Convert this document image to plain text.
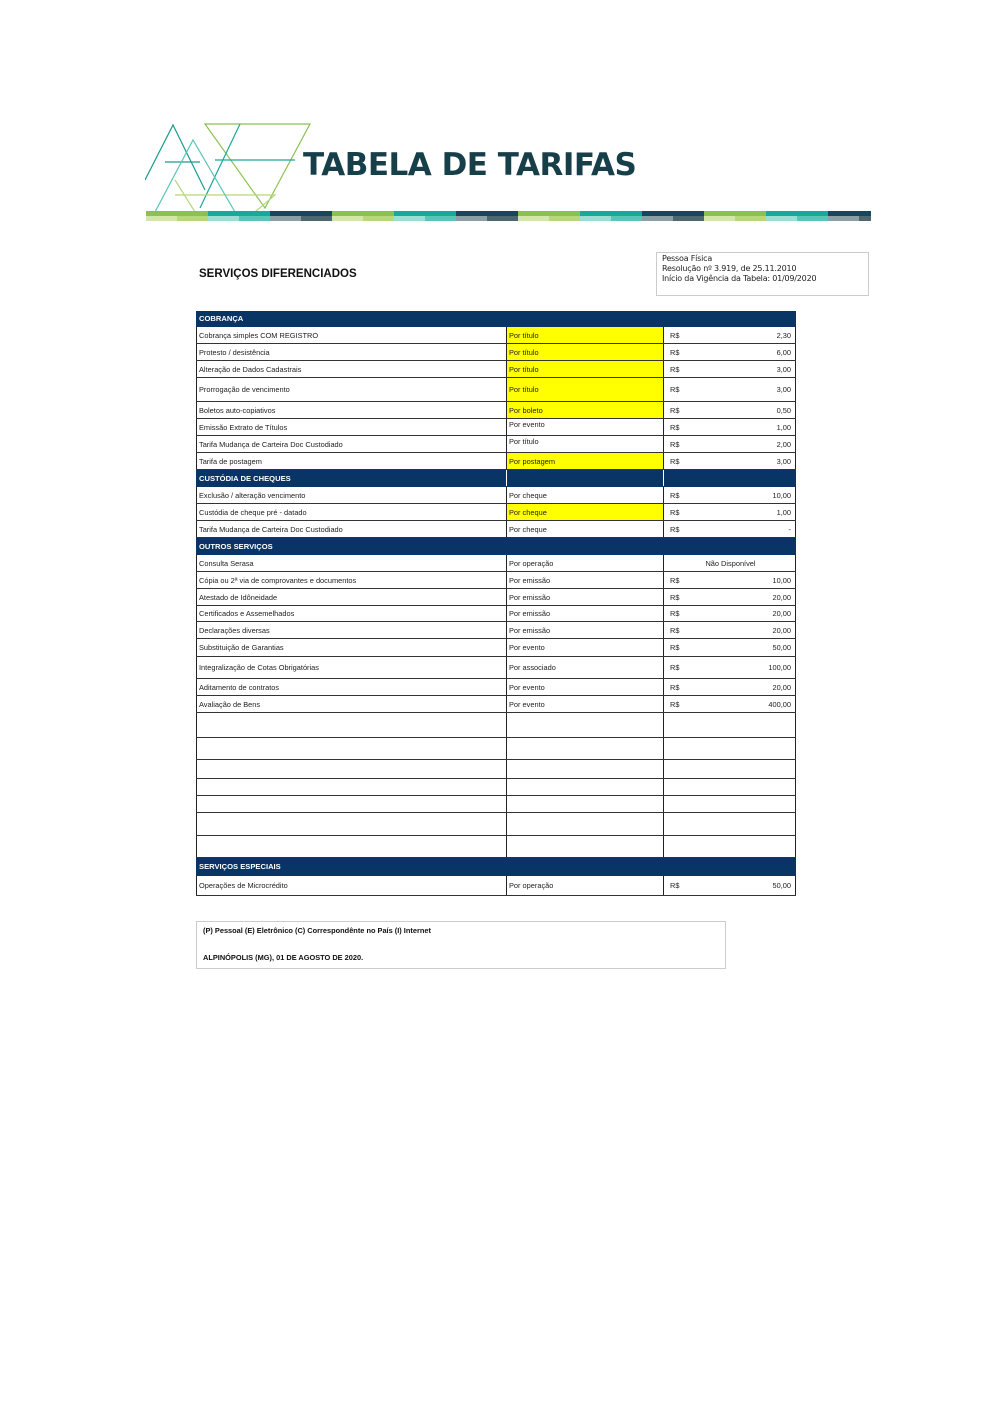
TABELA DE TARIFAS
SERVIÇOS DIFERENCIADOS
Pessoa Física
Resolução nº 3.919, de 25.11.2010
Início da Vigência da Tabela: 01/09/2020
COBRANÇA
Cobrança simples COM REGISTRO	Por título	R$	2,30
Protesto / desistência	Por título	R$	6,00
Alteração de Dados Cadastrais	Por título	R$	3,00
Prorrogação de vencimento	Por título	R$	3,00
Boletos auto-copiativos	Por boleto	R$	0,50
Emissão Extrato de Títulos	Por evento	R$	1,00
Tarifa Mudança de Carteira Doc Custodiado	Por título	R$	2,00
Tarifa de postagem	Por postagem	R$	3,00
CUSTÓDIA DE CHEQUES
Exclusão / alteração vencimento	Por cheque	R$	10,00
Custódia de cheque pré - datado	Por cheque	R$	1,00
Tarifa Mudança de Carteira Doc Custodiado	Por cheque	R$	-
OUTROS SERVIÇOS
Consulta Serasa	Por operação	Não Disponível
Cópia ou 2ª via de comprovantes e documentos	Por emissão	R$	10,00
Atestado de Idôneidade	Por emissão	R$	20,00
Certificados e Assemelhados	Por emissão	R$	20,00
Declarações diversas	Por emissão	R$	20,00
Substituição de Garantias	Por evento	R$	50,00
Integralização de Cotas Obrigatórias	Por associado	R$	100,00
Aditamento de contratos	Por evento	R$	20,00
Avaliação de Bens	Por evento	R$	400,00
SERVIÇOS ESPECIAIS
Operações de Microcrédito	Por operação	R$	50,00
(P) Pessoal (E) Eletrônico (C) Correspondênte no País (I) Internet
ALPINÓPOLIS (MG), 01 DE AGOSTO DE 2020.
